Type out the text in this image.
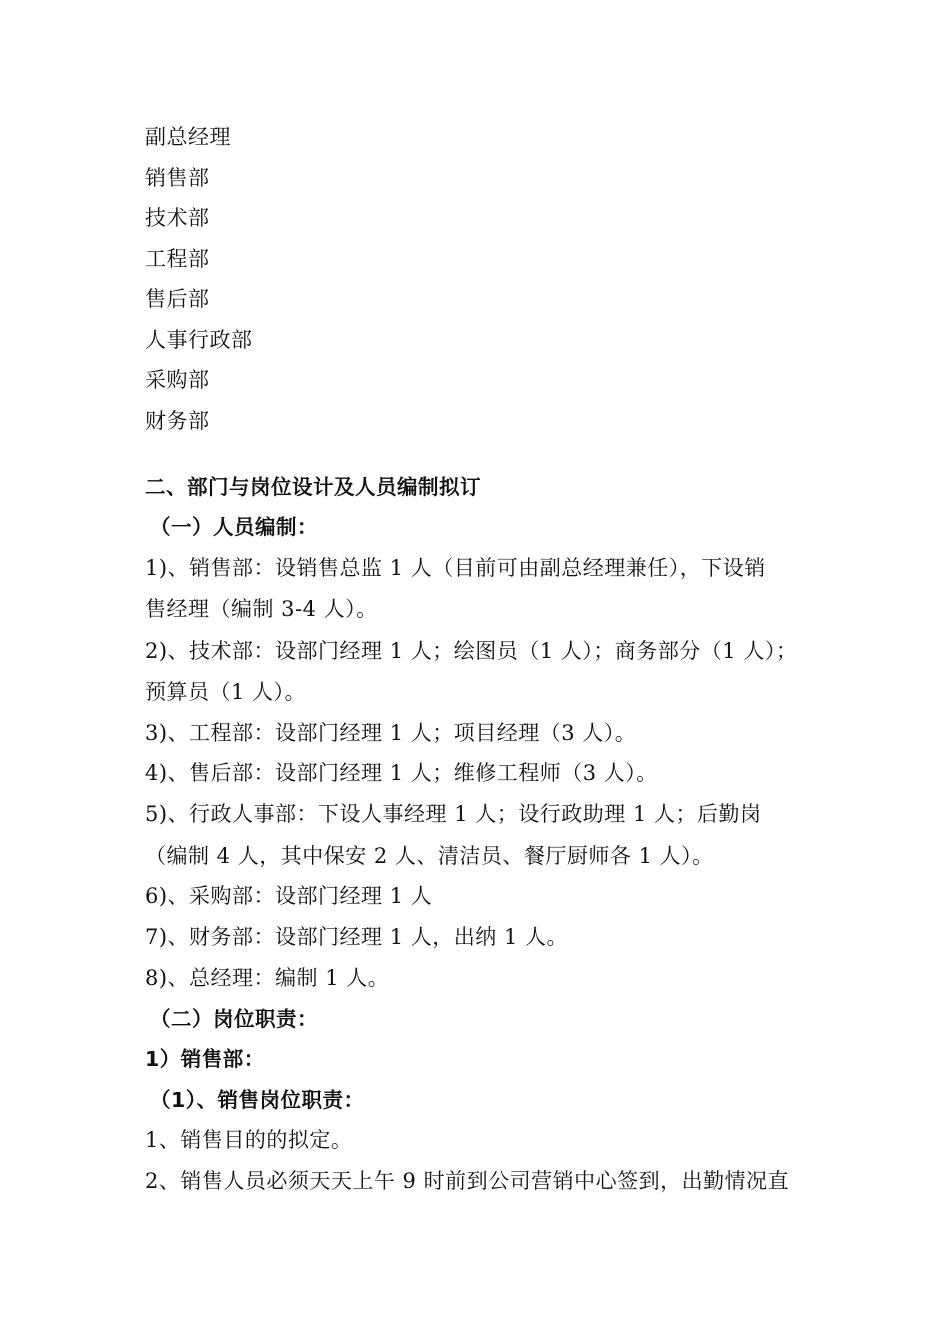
副总经理
销售部
技术部
工程部
售后部
人事行政部
采购部
财务部
二、部门与岗位设计及人员编制拟订
（一）人员编制：
1)、销售部：设销售总监 1 人（目前可由副总经理兼任），下设销
售经理（编制 3-4 人）。
2)、技术部：设部门经理 1 人；绘图员（1 人）；商务部分（1 人）；
预算员（1 人）。
3)、工程部：设部门经理 1 人；项目经理（3 人）。
4)、售后部：设部门经理 1 人；维修工程师（3 人）。
5)、行政人事部：下设人事经理 1 人；设行政助理 1 人；后勤岗
（编制 4 人，其中保安 2 人、清洁员、餐厅厨师各 1 人）。
6)、采购部：设部门经理 1 人
7)、财务部：设部门经理 1 人，出纳 1 人。
8)、总经理：编制 1 人。
（二）岗位职责：
1）销售部：
（1）、销售岗位职责：
1、销售目的的拟定。
2、销售人员必须天天上午 9 时前到公司营销中心签到，出勤情况直
